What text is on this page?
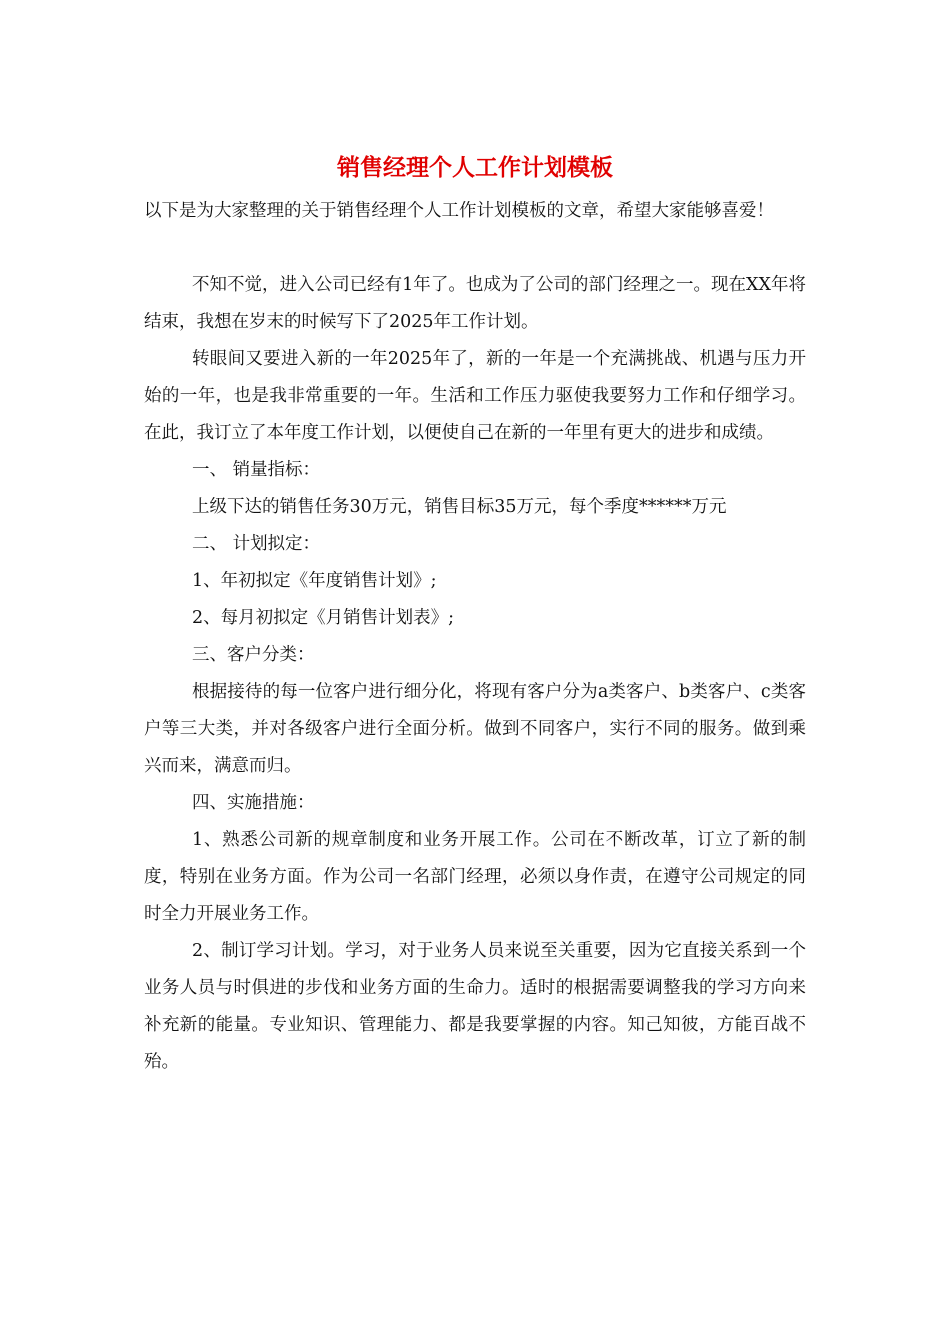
销售经理个人工作计划模板

以下是为大家整理的关于销售经理个人工作计划模板的文章，希望大家能够喜爱！

不知不觉，进入公司已经有1年了。也成为了公司的部门经理之一。现在XX年将结束，我想在岁末的时候写下了2025年工作计划。

转眼间又要进入新的一年2025年了，新的一年是一个充满挑战、机遇与压力开始的一年，也是我非常重要的一年。生活和工作压力驱使我要努力工作和仔细学习。在此，我订立了本年度工作计划，以便使自己在新的一年里有更大的进步和成绩。

一、 销量指标：

上级下达的销售任务30万元，销售目标35万元，每个季度******万元

二、 计划拟定：

1、年初拟定《年度销售计划》;

2、每月初拟定《月销售计划表》;

三、客户分类：

根据接待的每一位客户进行细分化，将现有客户分为a类客户、b类客户、c类客户等三大类，并对各级客户进行全面分析。做到不同客户，实行不同的服务。做到乘兴而来，满意而归。

四、实施措施：

1、熟悉公司新的规章制度和业务开展工作。公司在不断改革，订立了新的制度，特别在业务方面。作为公司一名部门经理，必须以身作责，在遵守公司规定的同时全力开展业务工作。

2、制订学习计划。学习，对于业务人员来说至关重要，因为它直接关系到一个业务人员与时俱进的步伐和业务方面的生命力。适时的根据需要调整我的学习方向来补充新的能量。专业知识、管理能力、都是我要掌握的内容。知己知彼，方能百战不殆。
